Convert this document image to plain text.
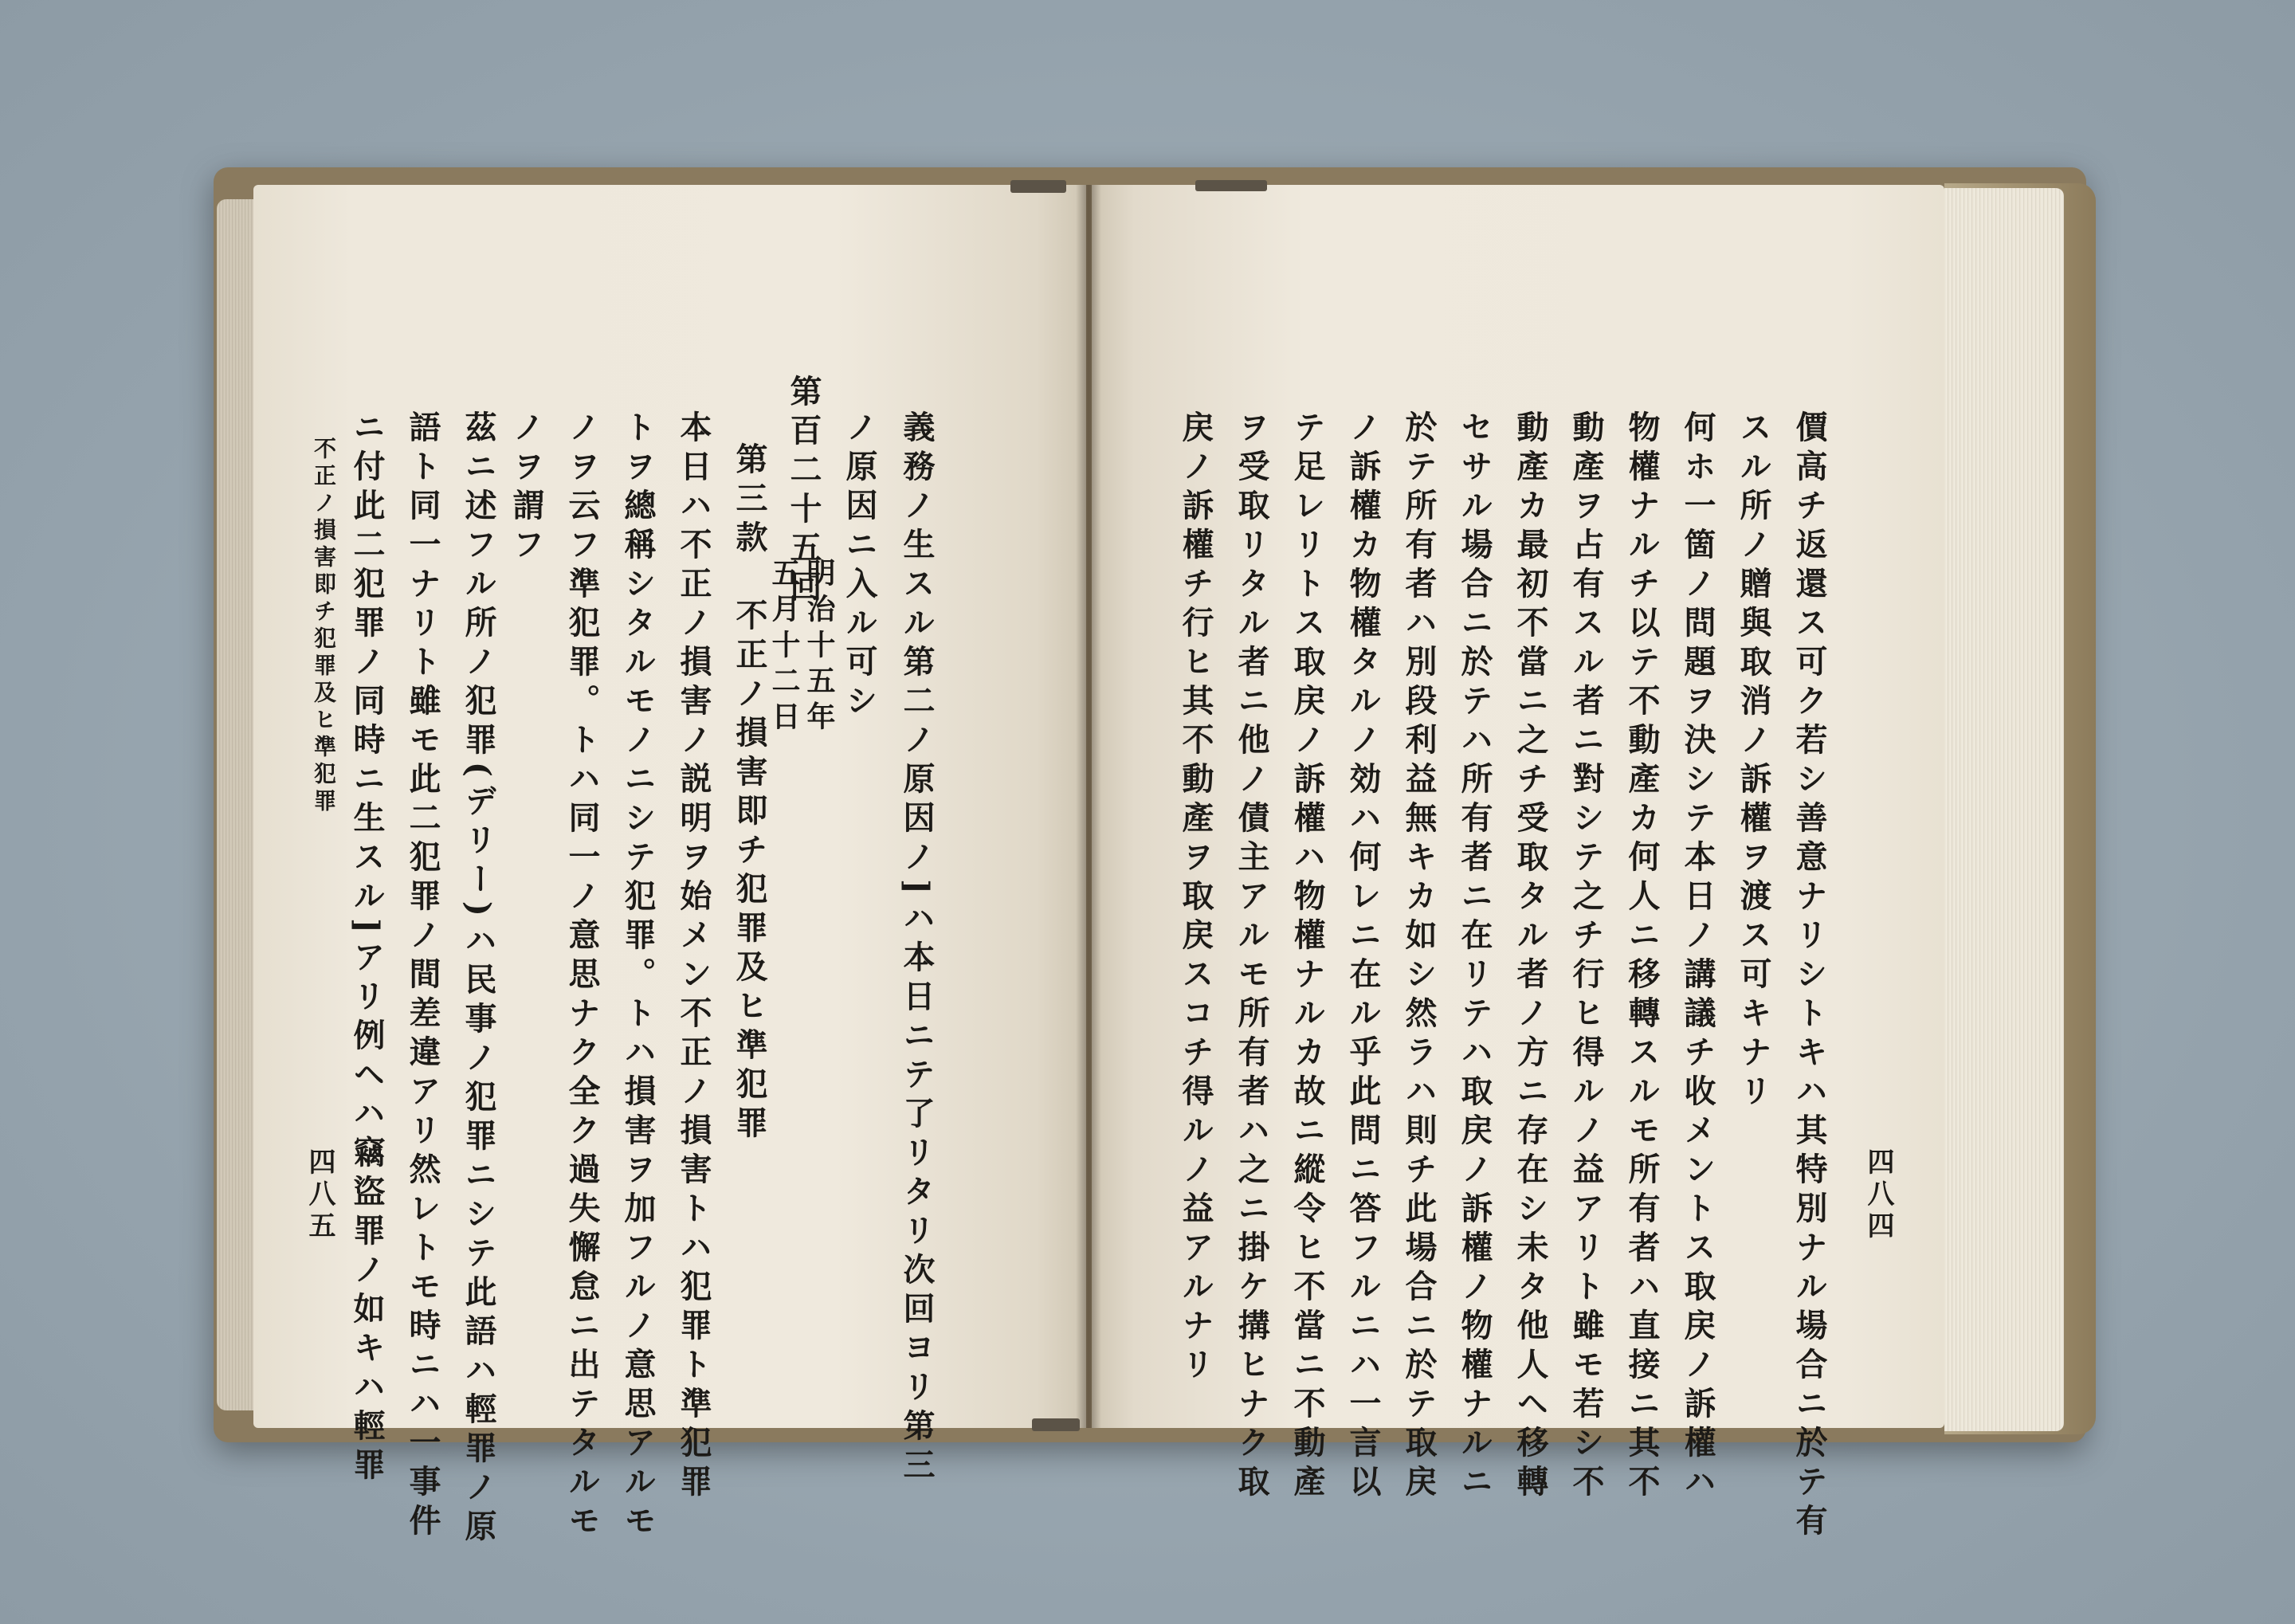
義務ノ生スル第二ノ原因ノ]ハ本日ニテ了リタリ次回ヨリ第三
ノ原因ニ入ル可シ
第百二十五回
明治十五年
五月十二日
第三款　不正ノ損害即チ犯罪及ヒ準犯罪
本日ハ不正ノ損害ノ説明ヲ始メン不正ノ損害トハ犯罪ト準犯罪
トヲ總稱シタルモノニシテ犯罪。トハ損害ヲ加フルノ意思アルモ
ノヲ云フ準犯罪。トハ同一ノ意思ナク全ク過失懈怠ニ出テタルモ
ノヲ謂フ
茲ニ述フル所ノ犯罪(デリー)ハ民事ノ犯罪ニシテ此語ハ輕罪ノ原
語ト同一ナリト雖モ此二犯罪ノ間差違アリ然レトモ時ニハ一事件
ニ付此二犯罪ノ同時ニ生スル]アリ例ヘハ竊盜罪ノ如キハ輕罪
不正ノ損害即チ犯罪及ヒ準犯罪
四八五	四八四
價高チ返還ス可ク若シ善意ナリシトキハ其特別ナル場合ニ於テ有
スル所ノ贈與取消ノ訴權ヲ渡ス可キナリ
何ホ一箇ノ問題ヲ決シテ本日ノ講議チ收メントス取戻ノ訴權ハ
物權ナルチ以テ不動產カ何人ニ移轉スルモ所有者ハ直接ニ其不
動產ヲ占有スル者ニ對シテ之チ行ヒ得ルノ益アリト雖モ若シ不
動產カ最初不當ニ之チ受取タル者ノ方ニ存在シ未タ他人ヘ移轉
セサル場合ニ於テハ所有者ニ在リテハ取戻ノ訴權ノ物權ナルニ
於テ所有者ハ別段利益無キカ如シ然ラハ則チ此場合ニ於テ取戻
ノ訴權カ物權タルノ効ハ何レニ在ル乎此問ニ答フルニハ一言以
テ足レリトス取戻ノ訴權ハ物權ナルカ故ニ縱令ヒ不當ニ不動產
ヲ受取リタル者ニ他ノ債主アルモ所有者ハ之ニ掛ケ搆ヒナク取
戻ノ訴權チ行ヒ其不動產ヲ取戻スコチ得ルノ益アルナリ
